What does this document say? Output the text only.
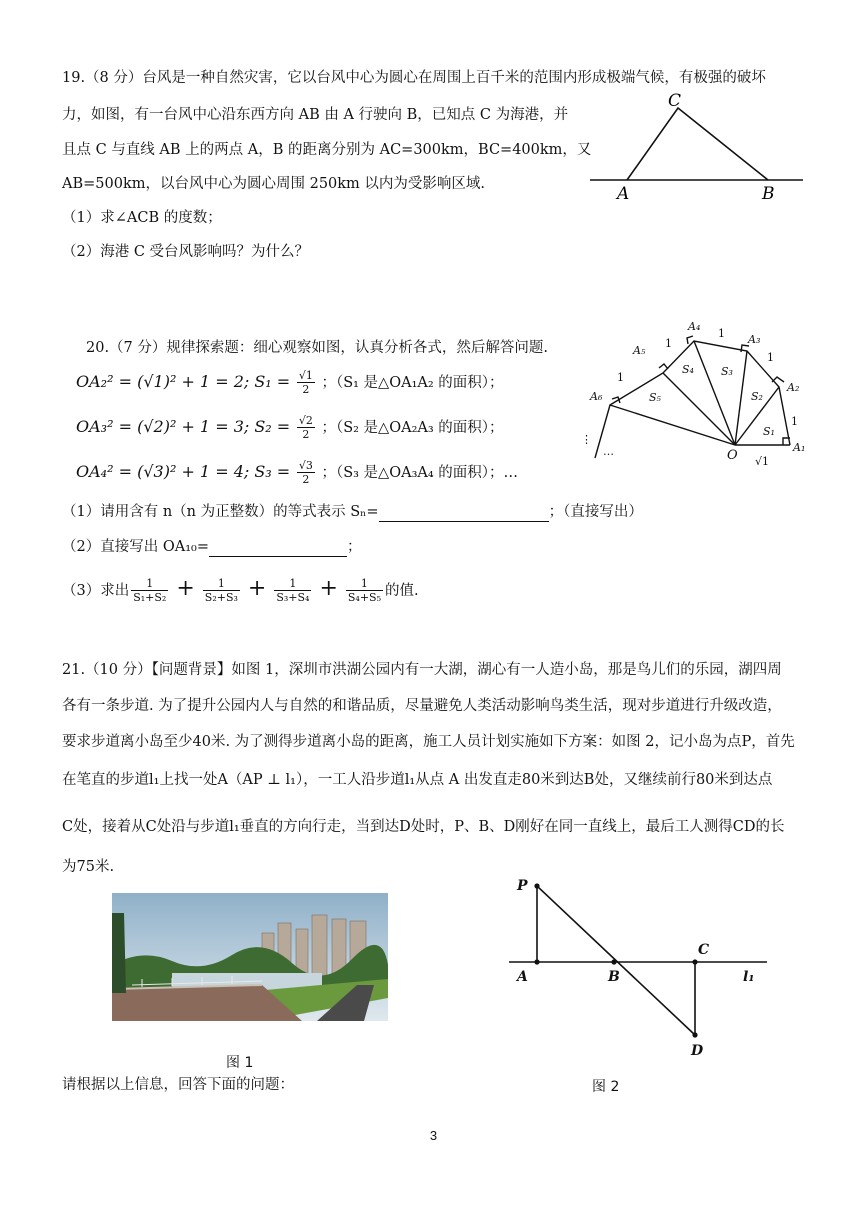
19.（8 分）台风是一种自然灾害，它以台风中心为圆心在周围上百千米的范围内形成极端气候，有极强的破坏
力，如图，有一台风中心沿东西方向 AB 由 A 行驶向 B，已知点 C 为海港，并
且点 C 与直线 AB 上的两点 A，B 的距离分别为 AC=300km，BC=400km，又
AB=500km，以台风中心为圆心周围 250km 以内为受影响区域.
（1）求∠ACB 的度数；
（2）海港 C 受台风影响吗？为什么？
C
A	B
20.（7 分）规律探索题：细心观察如图，认真分析各式，然后解答问题.
OA₂² = (√1)² + 1 = 2; $S_1 = \frac{√1}{2}$ ；（S₁ 是△OA₁A₂ 的面积）；
OA₃² = (√2)² + 1 = 3; $S_2 = \frac{√2}{2}$ ；（S₂ 是△OA₂A₃ 的面积）；
OA₄² = (√3)² + 1 = 4; $S_3 = \frac{√3}{2}$ ；（S₃ 是△OA₃A₄ 的面积）；…
（1）请用含有 n（n 为正整数）的等式表示 Sₙ=	；（直接写出）
（2）直接写出 OA₁₀=	；
（3）求出 $\frac{1}{\text{S₁+S₂}} + \frac{1}{\text{S₂+S₃}} + \frac{1}{\text{S₃+S₄}} + \frac{1}{\text{S₄+S₅}}$ 的值.
A₁
A₂
A₃
A₄
A₅
A₆
O
S₁
S₂
S₃
S₄
S₅
1
1
1
1
1
√1
…
⋮
21.（10 分）【问题背景】如图 1，深圳市洪湖公园内有一大湖，湖心有一人造小岛，那是鸟儿们的乐园，湖四周
各有一条步道. 为了提升公园内人与自然的和谐品质，尽量避免人类活动影响鸟类生活，现对步道进行升级改造，
要求步道离小岛至少40米. 为了测得步道离小岛的距离，施工人员计划实施如下方案：如图 2，记小岛为点P，首先
在笔直的步道l₁上找一处A（AP ⊥ l₁），一工人沿步道l₁从点 A 出发直走80米到达B处，又继续前行80米到达点
C处，接着从C处沿与步道l₁垂直的方向行走，当到达D处时，P、B、D刚好在同一直线上，最后工人测得CD的长
为75米.
P
A	B
C
D
l₁
图 1
图 2
请根据以上信息，回答下面的问题：
3
